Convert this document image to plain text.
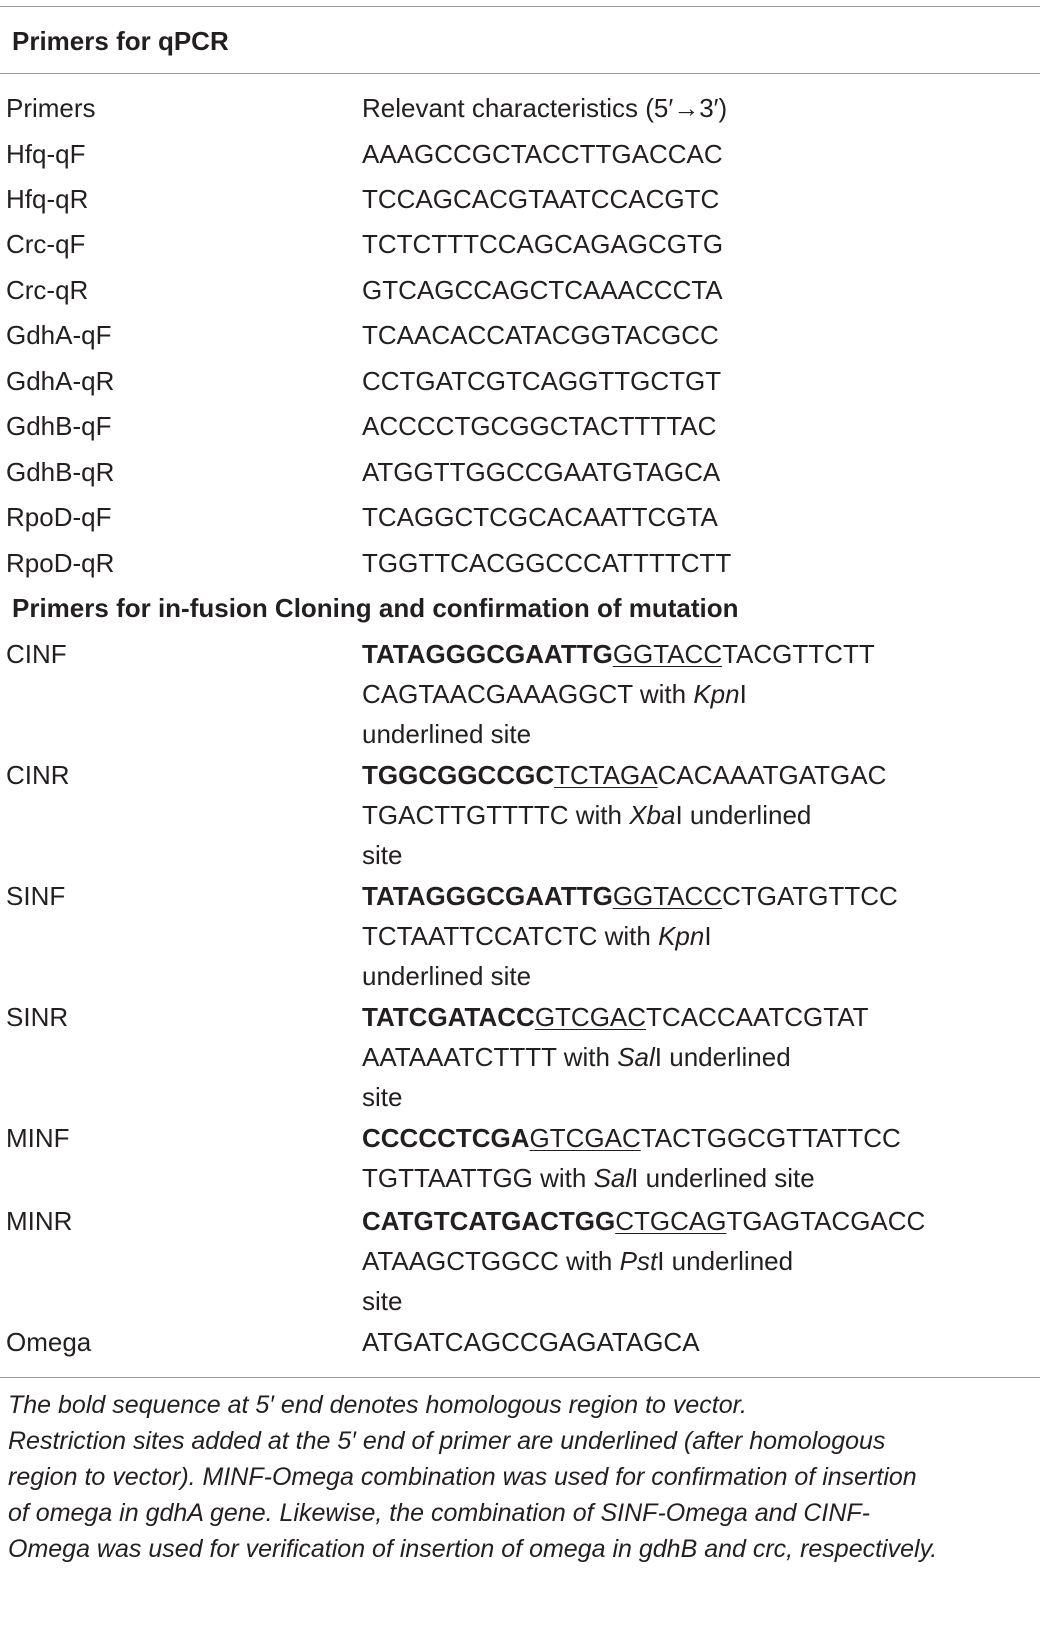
Primers for qPCR
Primers	Relevant characteristics (5′→3′)
Hfq-qF	AAAGCCGCTACCTTGACCAC
Hfq-qR	TCCAGCACGTAATCCACGTC
Crc-qF	TCTCTTTCCAGCAGAGCGTG
Crc-qR	GTCAGCCAGCTCAAACCCTA
GdhA-qF	TCAACACCATACGGTACGCC
GdhA-qR	CCTGATCGTCAGGTTGCTGT
GdhB-qF	ACCCCTGCGGCTACTTTTAC
GdhB-qR	ATGGTTGGCCGAATGTAGCA
RpoD-qF	TCAGGCTCGCACAATTCGTA
RpoD-qR	TGGTTCACGGCCCATTTTCTT
Primers for in-fusion Cloning and confirmation of mutation
CINF	TATAGGGCGAATTGGGTACCTACGTTCTT
CAGTAACGAAAGGCT with KpnI
underlined site
CINR	TGGCGGCCGCTCTAGACACAAATGATGAC
TGACTTGTTTTC with XbaI underlined
site
SINF	TATAGGGCGAATTGGGTACCCTGATGTTCC
TCTAATTCCATCTC with KpnI
underlined site
SINR	TATCGATACCGTCGACTCACCAATCGTAT
AATAAATCTTTT with SalI underlined
site
MINF	CCCCCTCGAGTCGACTACTGGCGTTATTCC
TGTTAATTGG with SalI underlined site
MINR	CATGTCATGACTGGCTGCAGTGAGTACGACC
ATAAGCTGGCC with PstI underlined
site
Omega	ATGATCAGCCGAGATAGCA
The bold sequence at 5′ end denotes homologous region to vector.
Restriction sites added at the 5′ end of primer are underlined (after homologous
region to vector). MINF-Omega combination was used for confirmation of insertion
of omega in gdhA gene. Likewise, the combination of SINF-Omega and CINF-
Omega was used for verification of insertion of omega in gdhB and crc, respectively.
